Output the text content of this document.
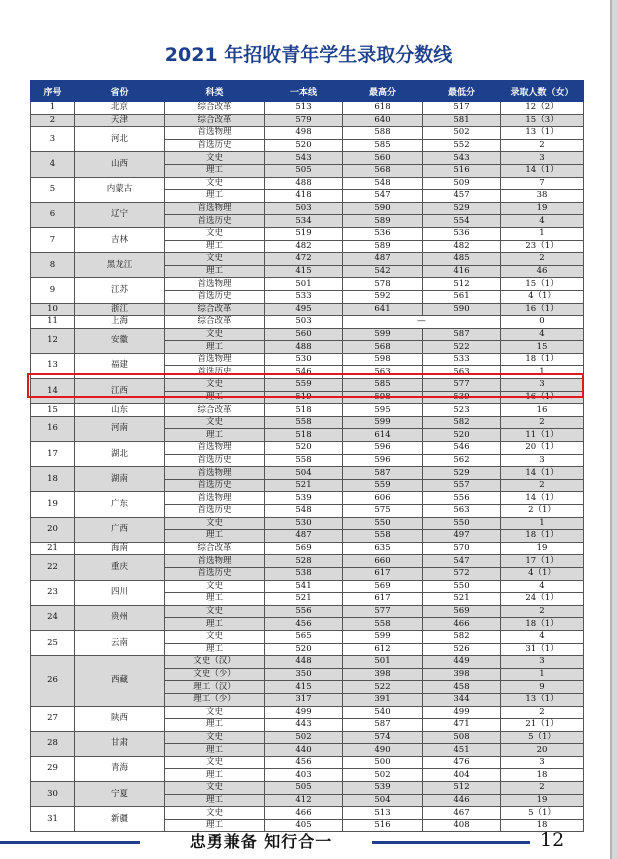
2021 年招收青年学生录取分数线
序号	省份	科类	一本线	最高分	最低分	录取人数（女）
1	北京	综合改革	513	618	517	12（2）
2	天津	综合改革	579	640	581	15（3）
3	河北	首选物理	498	588	502	13（1）
		首选历史	520	585	552	2
4	山西	文史	543	560	543	3
		理工	505	568	516	14（1）
5	内蒙古	文史	488	548	509	7
		理工	418	547	457	38
6	辽宁	首选物理	503	590	529	19
		首选历史	534	589	554	4
7	吉林	文史	519	536	536	1
		理工	482	589	482	23（1）
8	黑龙江	文史	472	487	485	2
		理工	415	542	416	46
9	江苏	首选物理	501	578	512	15（1）
		首选历史	533	592	561	4（1）
10	浙江	综合改革	495	641	590	16（1）
11	上海	综合改革	503	—		0
12	安徽	文史	560	599	587	4
		理工	488	568	522	15
13	福建	首选物理	530	598	533	18（1）
		首选历史	546	563	563	1
14	江西	文史	559	585	577	3
		理工	519	598	539	16（1）
15	山东	综合改革	518	595	523	16
16	河南	文史	558	599	582	2
		理工	518	614	520	11（1）
17	湖北	首选物理	520	596	546	20（1）
		首选历史	558	596	562	3
18	湖南	首选物理	504	587	529	14（1）
		首选历史	521	559	557	2
19	广东	首选物理	539	606	556	14（1）
		首选历史	548	575	563	2（1）
20	广西	文史	530	550	550	1
		理工	487	558	497	18（1）
21	海南	综合改革	569	635	570	19
22	重庆	首选物理	528	660	547	17（1）
		首选历史	538	617	572	4（1）
23	四川	文史	541	569	550	4
		理工	521	617	521	24（1）
24	贵州	文史	556	577	569	2
		理工	456	558	466	18（1）
25	云南	文史	565	599	582	4
		理工	520	612	526	31（1）
26	西藏	文史（汉）	448	501	449	3
		文史（少）	350	398	398	1
		理工（汉）	415	522	458	9
		理工（少）	317	391	344	13（1）
27	陕西	文史	499	540	499	2
		理工	443	587	471	21（1）
28	甘肃	文史	502	574	508	5（1）
		理工	440	490	451	20
29	青海	文史	456	500	476	3
		理工	403	502	404	18
30	宁夏	文史	505	539	512	2
		理工	412	504	446	19
31	新疆	文史	466	513	467	5（1）
		理工	405	516	408	18
忠勇兼备 知行合一	12
